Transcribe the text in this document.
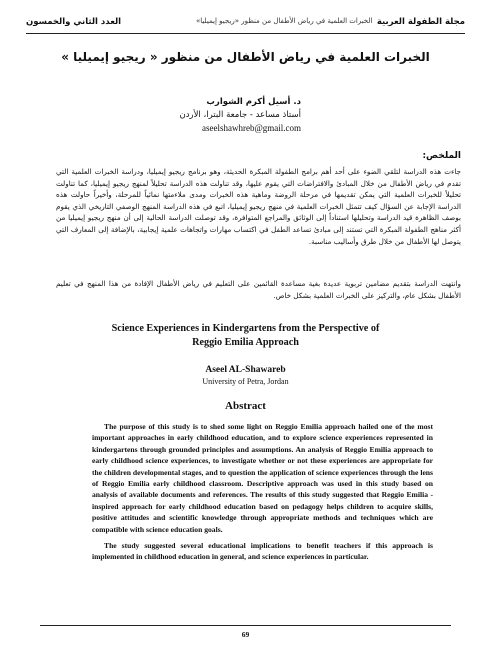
مجلة الطفولة العربية
الخبرات العلمية في رياض الأطفال من منظور «ريجيو إيميليا»
العدد الثاني والخمسون
الخبرات العلمية في رياض الأطفال من منظور « ريجيو إيميليا »
د. أسيل أكرم الشوارب
أستاذ مساعد - جامعة البترا، الأردن
aseelshawhreb@gmail.com
الملخص:

جاءت هذه الدراسة لتلقي الضوء على أحد أهم برامج الطفولة المبكرة الحديثة، وهو برنامج ريجيو إيميليا، ودراسة الخبرات العلمية التي تقدم في رياض الأطفال من خلال المبادئ والافتراضات التي يقوم عليها، وقد تناولت هذه الدراسة تحليلاً لمنهج ريجيو إيميليا، كما تناولت تحليلاً للخبرات العلمية التي يمكن تقديمها في مرحلة الروضة وماهية هذه الخبرات ومدى ملاءمتها نمائياً للمرحلة، وأخيراً حاولت هذه الدراسة الإجابة عن السؤال كيف تتمثل الخبرات العلمية في منهج ريجيو إيميليا، اتبع في هذه الدراسة المنهج الوصفي التاريخي الذي يقوم بوصف الظاهرة قيد الدراسة وتحليلها استناداً إلى الوثائق والمراجع المتوافرة، وقد توصلت الدراسة الحالية إلى أن منهج ريجيو إيميليا من أكثر مناهج الطفولة المبكرة التي تستند إلى مبادئ تساعد الطفل في اكتساب مهارات واتجاهات علمية إيجابية، بالإضافة إلى المعارف التي يتوصل لها الأطفال من خلال طرق وأساليب مناسبة.

وانتهت الدراسة بتقديم مضامين تربوية عديدة بغية مساعدة القائمين على التعليم في رياض الأطفال الإفادة من هذا المنهج في تعليم الأطفال بشكل عام، والتركيز على الخبرات العلمية بشكل خاص.

Science Experiences in Kindergartens from the Perspective of
Reggio Emilia Approach
Aseel AL-Shawareb
University of Petra, Jordan
Abstract

The purpose of this study is to shed some light on Reggio Emilia approach hailed one of the most important approaches in early childhood education, and to explore science experiences represented in kindergartens through grounded principles and assumptions. An analysis of Reggio Emilia approach to early childhood science experiences, to investigate whether or not these experiences are appropriate for the children developmental stages, and to question the application of science experiences through the lens of Reggio Emilia early childhood classroom. Descriptive approach was used in this study based on analysis of available documents and references. The results of this study suggested that Reggio Emilia - inspired approach for early childhood education based on pedagogy helps children to acquire skills, positive attitudes and scientific knowledge through appropriate methods and techniques which are compatible with science education goals.

The study suggested several educational implications to benefit teachers if this approach is implemented in childhood education in general, and science experiences in particular.

69
